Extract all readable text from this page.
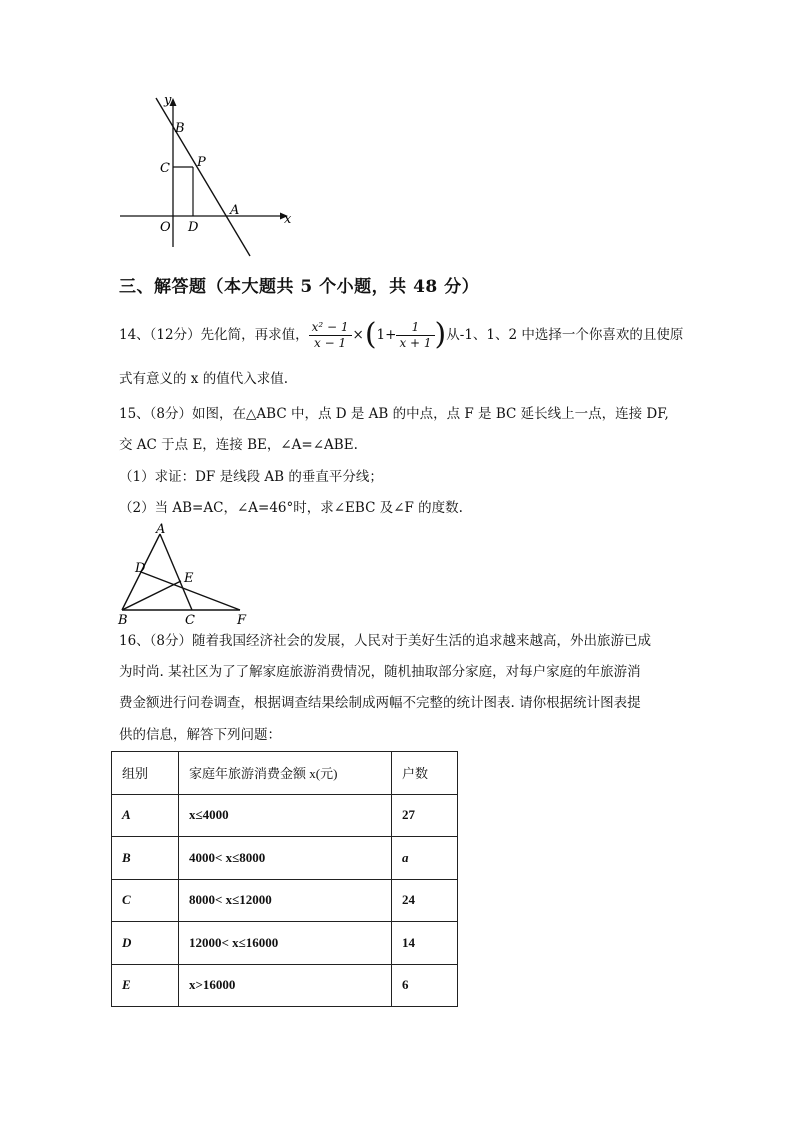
y
B
C P
A
x
O D
三、解答题（本大题共 5 个小题，共 48 分）
14、（12分）先化简，再求值， $\frac{\text{x² − 1}}{x - 1}$ × ( $1+ \frac{1}{x + 1}$ ) 从-1、1、2 中选择一个你喜欢的且使原
式有意义的 x 的值代入求值.
15、（8分）如图，在△ABC 中，点 D 是 AB 的中点，点 F 是 BC 延长线上一点，连接 DF,
交 AC 于点 E，连接 BE，∠A=∠ABE.
（1）求证：DF 是线段 AB 的垂直平分线；
（2）当 AB=AC，∠A=46°时，求∠EBC 及∠F 的度数.
A
D
E
B	C	F
16、（8分）随着我国经济社会的发展，人民对于美好生活的追求越来越高，外出旅游已成
为时尚. 某社区为了了解家庭旅游消费情况，随机抽取部分家庭，对每户家庭的年旅游消
费金额进行问卷调查，根据调查结果绘制成两幅不完整的统计图表. 请你根据统计图表提
供的信息，解答下列问题：
组别	家庭年旅游消费金额 x(元)	户数
A	x≤4000	27
B	4000< x≤8000	a
C	8000< x≤12000	24
D	12000< x≤16000	14
E	x>16000	6
